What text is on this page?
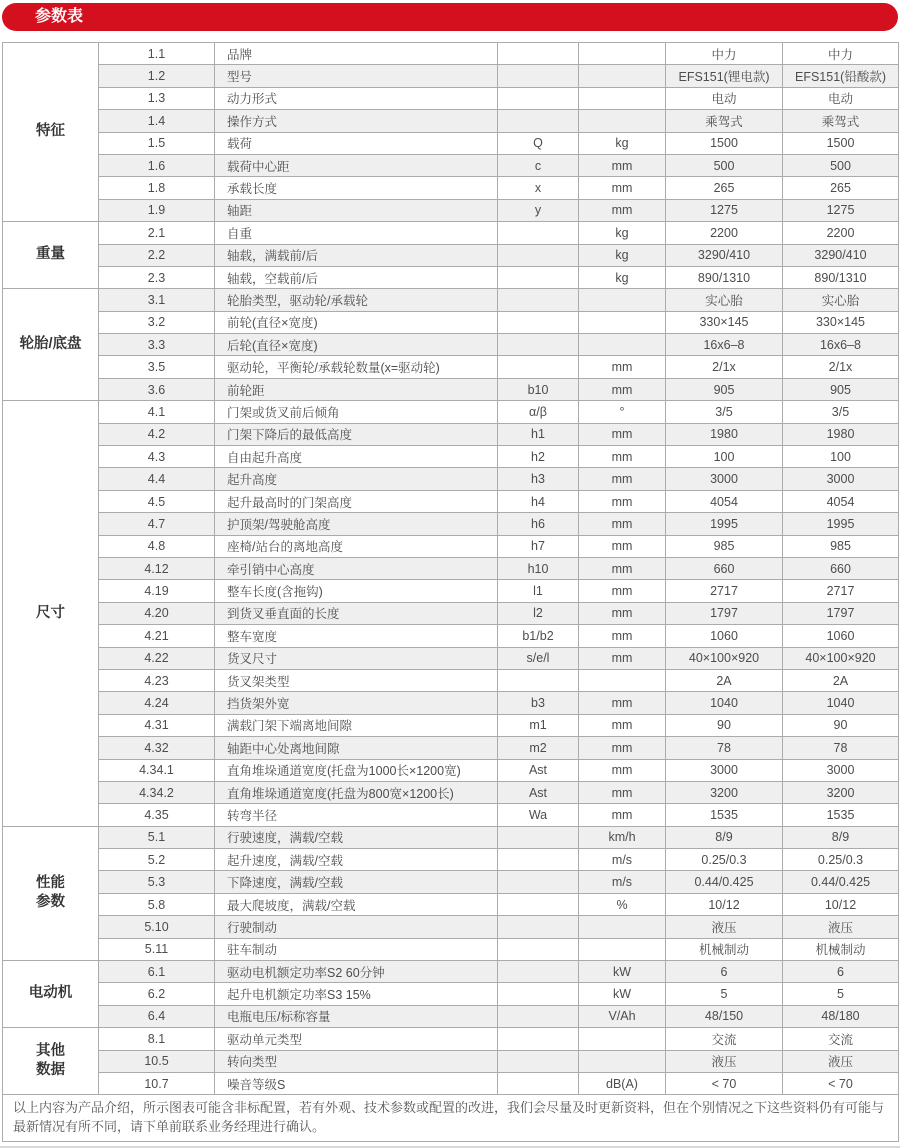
参数表
特征	1.1	品牌			中力	中力
	1.2	型号			EFS151(锂电款)	EFS151(铅酸款)
	1.3	动力形式			电动	电动
	1.4	操作方式			乘驾式	乘驾式
	1.5	载荷	Q	kg	1500	1500
	1.6	载荷中心距	c	mm	500	500
	1.8	承载长度	x	mm	265	265
	1.9	轴距	y	mm	1275	1275
重量	2.1	自重		kg	2200	2200
	2.2	轴载，满载前/后		kg	3290/410	3290/410
	2.3	轴载，空载前/后		kg	890/1310	890/1310
轮胎/底盘	3.1	轮胎类型，驱动轮/承载轮			实心胎	实心胎
	3.2	前轮(直径×宽度)			330×145	330×145
	3.3	后轮(直径×宽度)			16x6–8	16x6–8
	3.5	驱动轮，平衡轮/承载轮数量(x=驱动轮)		mm	2/1x	2/1x
	3.6	前轮距	b10	mm	905	905
尺寸	4.1	门架或货叉前后倾角	α/β	°	3/5	3/5
	4.2	门架下降后的最低高度	h1	mm	1980	1980
	4.3	自由起升高度	h2	mm	100	100
	4.4	起升高度	h3	mm	3000	3000
	4.5	起升最高时的门架高度	h4	mm	4054	4054
	4.7	护顶架/驾驶舱高度	h6	mm	1995	1995
	4.8	座椅/站台的离地高度	h7	mm	985	985
	4.12	牵引销中心高度	h10	mm	660	660
	4.19	整车长度(含拖钩)	l1	mm	2717	2717
	4.20	到货叉垂直面的长度	l2	mm	1797	1797
	4.21	整车宽度	b1/b2	mm	1060	1060
	4.22	货叉尺寸	s/e/l	mm	40×100×920	40×100×920
	4.23	货叉架类型			2A	2A
	4.24	挡货架外宽	b3	mm	1040	1040
	4.31	满载门架下端离地间隙	m1	mm	90	90
	4.32	轴距中心处离地间隙	m2	mm	78	78
	4.34.1	直角堆垛通道宽度(托盘为1000长×1200宽)	Ast	mm	3000	3000
	4.34.2	直角堆垛通道宽度(托盘为800宽×1200长)	Ast	mm	3200	3200
	4.35	转弯半径	Wa	mm	1535	1535
性能
参数	5.1	行驶速度，满载/空载		km/h	8/9	8/9
	5.2	起升速度，满载/空载		m/s	0.25/0.3	0.25/0.3
	5.3	下降速度，满载/空载		m/s	0.44/0.425	0.44/0.425
	5.8	最大爬坡度，满载/空载		%	10/12	10/12
	5.10	行驶制动			液压	液压
	5.11	驻车制动			机械制动	机械制动
电动机	6.1	驱动电机额定功率S2 60分钟		kW	6	6
	6.2	起升电机额定功率S3 15%		kW	5	5
	6.4	电瓶电压/标称容量		V/Ah	48/150	48/180
其他
数据	8.1	驱动单元类型			交流	交流
	10.5	转向类型			液压	液压
	10.7	噪音等级S		dB(A)	< 70	< 70
以上内容为产品介绍，所示图表可能含非标配置，若有外观、技术参数或配置的改进，我们会尽量及时更新资料，但在个别情况之下这些资料仍有可能与最新情况有所不同，请下单前联系业务经理进行确认。						
